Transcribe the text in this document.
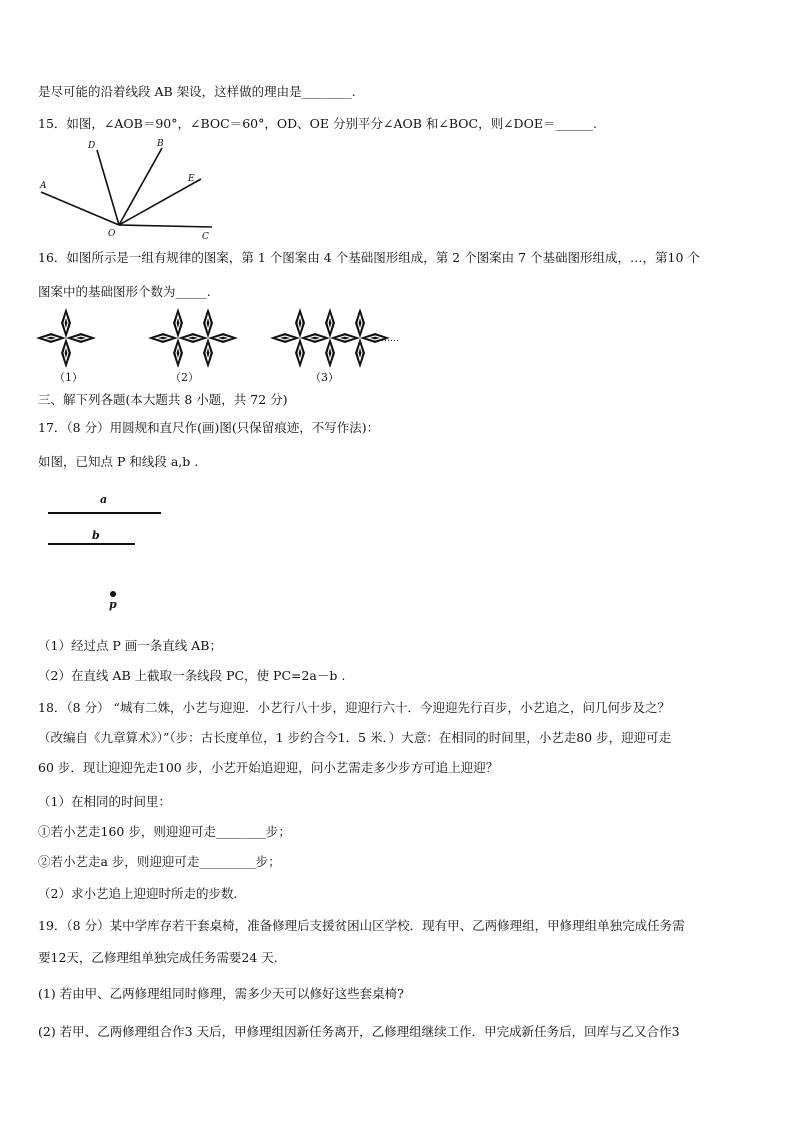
是尽可能的沿着线段 AB 架设，这样做的理由是________.
15．如图，∠AOB＝90°，∠BOC＝60°，OD、OE 分别平分∠AOB 和∠BOC，则∠DOE＝______.
D	B
E
A
O	C
16．如图所示是一组有规律的图案，第 1 个图案由 4 个基础图形组成，第 2 个图案由 7 个基础图形组成，…，第10 个
图案中的基础图形个数为_____.
……
（1）	（2）	（3）
三、解下列各题(本大题共 8 小题，共 72 分)
17．（8 分）用圆规和直尺作(画)图(只保留痕迹，不写作法)：
如图，已知点 P 和线段 a,b .
a
b
p
（1）经过点 P 画一条直线 AB；
（2）在直线 AB 上截取一条线段 PC，使 PC=2a－b .
18．（8 分） “城有二姝，小艺与迎迎．小艺行八十步，迎迎行六十．今迎迎先行百步，小艺追之，问几何步及之？
（改编自《九章算术》）”（步：古长度单位，1 步约合今1．5 米．）大意：在相同的时间里，小艺走80 步，迎迎可走
60 步．现让迎迎先走100 步，小艺开始追迎迎，问小艺需走多少步方可追上迎迎？
（1）在相同的时间里：
①若小艺走160 步，则迎迎可走________步；
②若小艺走a 步，则迎迎可走_________步；
（2）求小艺追上迎迎时所走的步数.
19．（8 分）某中学库存若干套桌椅，准备修理后支援贫困山区学校．现有甲、乙两修理组，甲修理组单独完成任务需
要12天，乙修理组单独完成任务需要24 天.
(1) 若由甲、乙两修理组同时修理，需多少天可以修好这些套桌椅?
(2) 若甲、乙两修理组合作3 天后，甲修理组因新任务离开，乙修理组继续工作．甲完成新任务后，回库与乙又合作3
